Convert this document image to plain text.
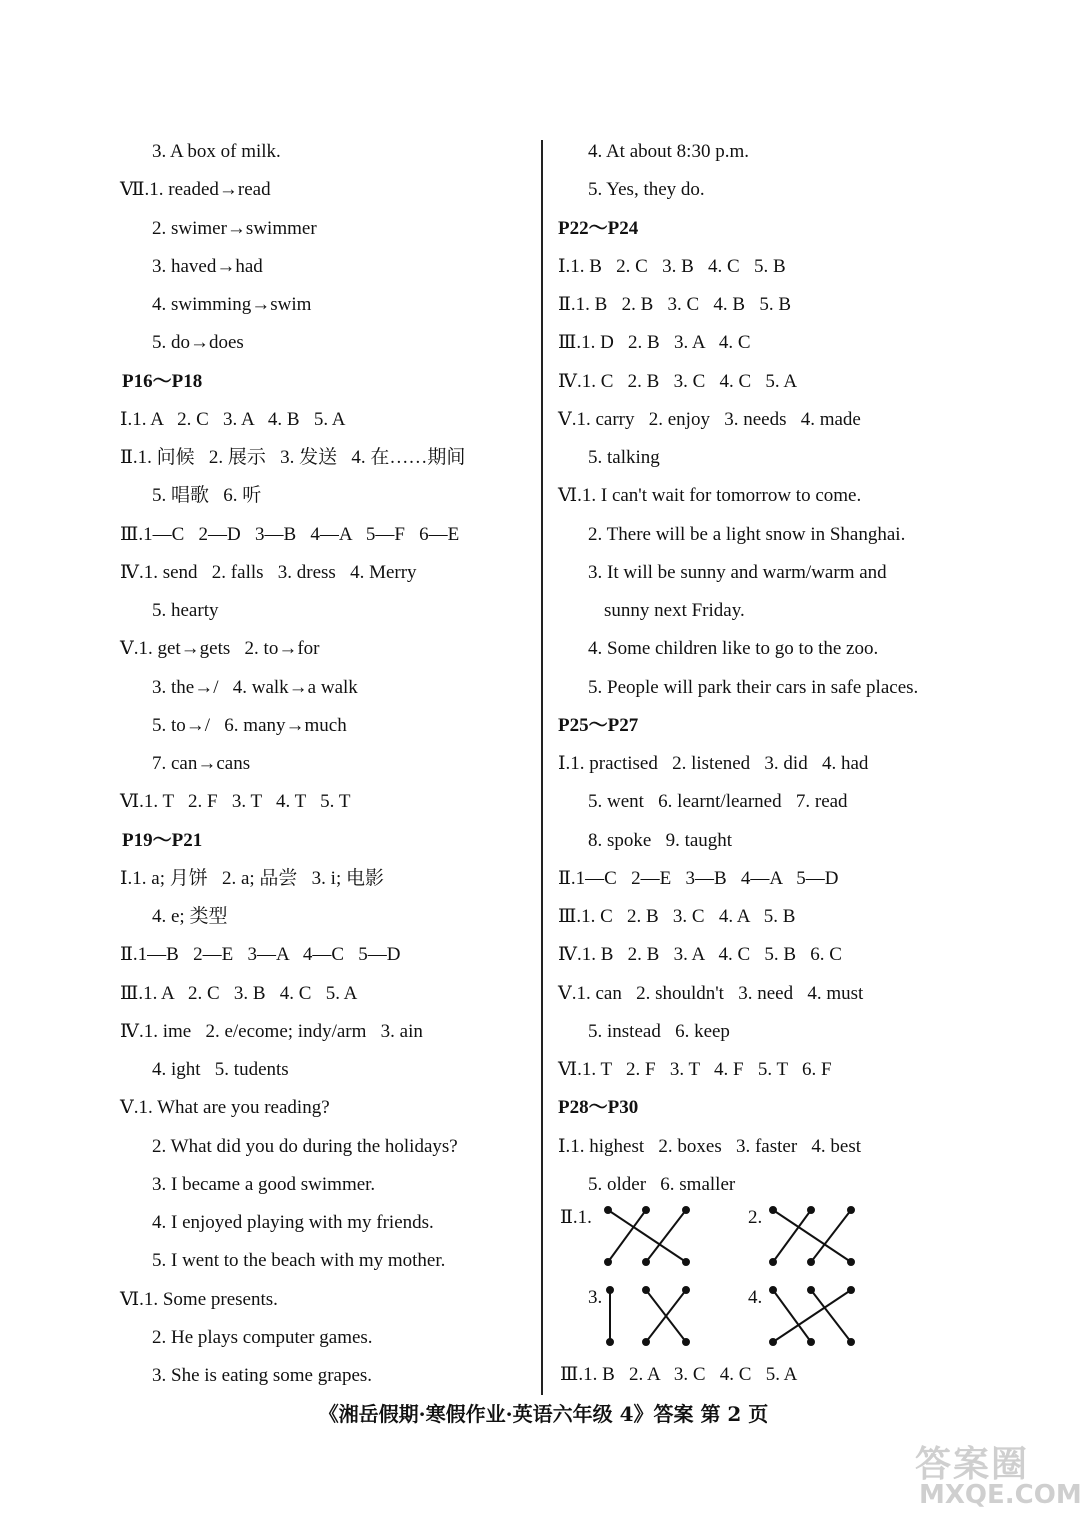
3. A box of milk.
Ⅶ.1. readed→read
2. swimer→swimmer
3. haved→had
4. swimming→swim
5. do→does
P16～P18
Ⅰ.1. A   2. C   3. A   4. B   5. A
Ⅱ.1. 问候   2. 展示   3. 发送   4. 在……期间
5. 唱歌   6. 听
Ⅲ.1—C   2—D   3—B   4—A   5—F   6—E
Ⅳ.1. send   2. falls   3. dress   4. Merry
5. hearty
Ⅴ.1. get→gets   2. to→for
3. the→/   4. walk→a walk
5. to→/   6. many→much
7. can→cans
Ⅵ.1. T   2. F   3. T   4. T   5. T
P19～P21
Ⅰ.1. a; 月饼   2. a; 品尝   3. i; 电影
4. e; 类型
Ⅱ.1—B   2—E   3—A   4—C   5—D
Ⅲ.1. A   2. C   3. B   4. C   5. A
Ⅳ.1. ime   2. e/ecome; indy/arm   3. ain
4. ight   5. tudents
Ⅴ.1. What are you reading?
2. What did you do during the holidays?
3. I became a good swimmer.
4. I enjoyed playing with my friends.
5. I went to the beach with my mother.
Ⅵ.1. Some presents.
2. He plays computer games.
3. She is eating some grapes.
4. At about 8:30 p.m.
5. Yes, they do.
P22～P24
Ⅰ.1. B   2. C   3. B   4. C   5. B
Ⅱ.1. B   2. B   3. C   4. B   5. B
Ⅲ.1. D   2. B   3. A   4. C
Ⅳ.1. C   2. B   3. C   4. C   5. A
Ⅴ.1. carry   2. enjoy   3. needs   4. made
5. talking
Ⅵ.1. I can't wait for tomorrow to come.
2. There will be a light snow in Shanghai.
3. It will be sunny and warm/warm and
sunny next Friday.
4. Some children like to go to the zoo.
5. People will park their cars in safe places.
P25～P27
Ⅰ.1. practised   2. listened   3. did   4. had
5. went   6. learnt/learned   7. read
8. spoke   9. taught
Ⅱ.1—C   2—E   3—B   4—A   5—D
Ⅲ.1. C   2. B   3. C   4. A   5. B
Ⅳ.1. B   2. B   3. A   4. C   5. B   6. C
Ⅴ.1. can   2. shouldn't   3. need   4. must
5. instead   6. keep
Ⅵ.1. T   2. F   3. T   4. F   5. T   6. F
P28～P30
Ⅰ.1. highest   2. boxes   3. faster   4. best
5. older   6. smaller
Ⅱ.1.	2.
3.	4.
Ⅲ.1. B   2. A   3. C   4. C   5. A
《湘岳假期·寒假作业·英语六年级 4》答案 第 2 页
答案圈
MXQE.COM
